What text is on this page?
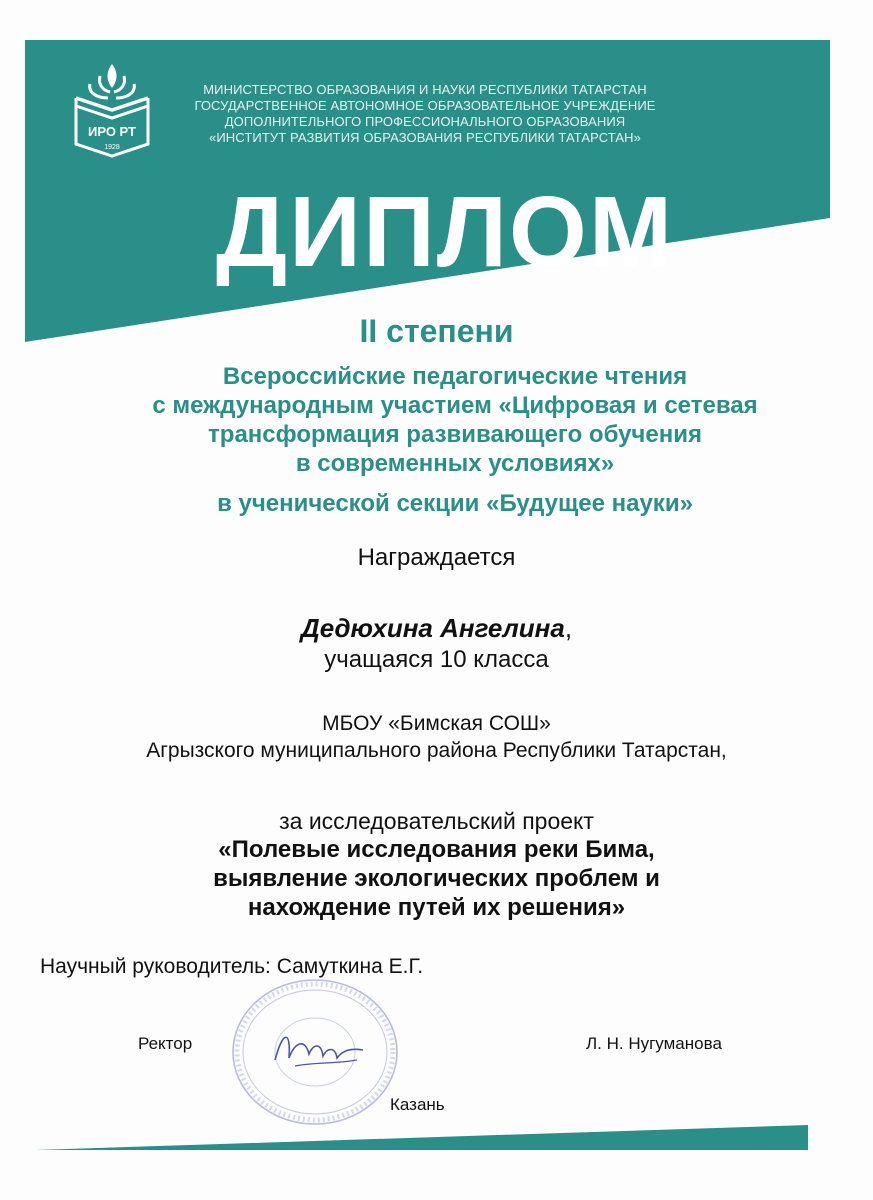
ИРО РТ
1928
МИНИСТЕРСТВО ОБРАЗОВАНИЯ И НАУКИ РЕСПУБЛИКИ ТАТАРСТАН
ГОСУДАРСТВЕННОЕ АВТОНОМНОЕ ОБРАЗОВАТЕЛЬНОЕ УЧРЕЖДЕНИЕ
ДОПОЛНИТЕЛЬНОГО ПРОФЕССИОНАЛЬНОГО ОБРАЗОВАНИЯ
«ИНСТИТУТ РАЗВИТИЯ ОБРАЗОВАНИЯ РЕСПУБЛИКИ ТАТАРСТАН»
ДИПЛОМ
II степени
Всероссийские педагогические чтения
с международным участием «Цифровая и сетевая
трансформация развивающего обучения
в современных условиях»
в ученической секции «Будущее науки»
Награждается
Дедюхина Ангелина,
учащаяся 10 класса
МБОУ «Бимская СОШ»
Агрызского муниципального района Республики Татарстан,
за исследовательский проект
«Полевые исследования реки Бима,
выявление экологических проблем и
нахождение путей их решения»
Научный руководитель: Самуткина Е.Г.
Ректор	Л. Н. Нугуманова
Казань
